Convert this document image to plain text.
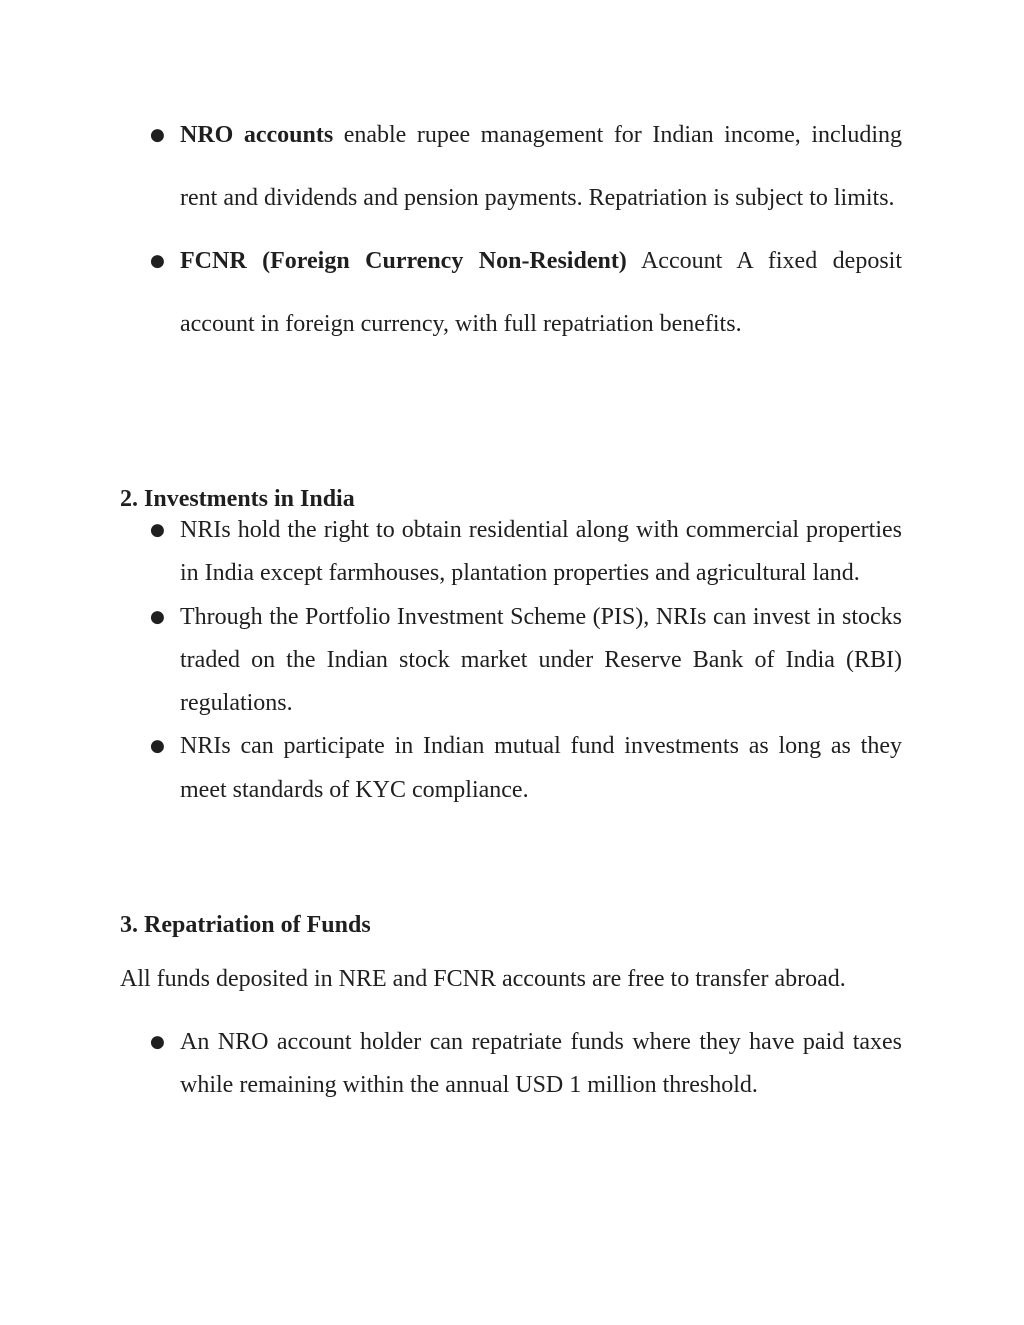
● NRO accounts enable rupee management for Indian income, including rent and dividends and pension payments. Repatriation is subject to limits.
● FCNR (Foreign Currency Non-Resident) Account A fixed deposit account in foreign currency, with full repatriation benefits.
2. Investments in India
● NRIs hold the right to obtain residential along with commercial properties in India except farmhouses, plantation properties and agricultural land.
● Through the Portfolio Investment Scheme (PIS), NRIs can invest in stocks traded on the Indian stock market under Reserve Bank of India (RBI) regulations.
● NRIs can participate in Indian mutual fund investments as long as they meet standards of KYC compliance.
3. Repatriation of Funds

All funds deposited in NRE and FCNR accounts are free to transfer abroad.

● An NRO account holder can repatriate funds where they have paid taxes while remaining within the annual USD 1 million threshold.
